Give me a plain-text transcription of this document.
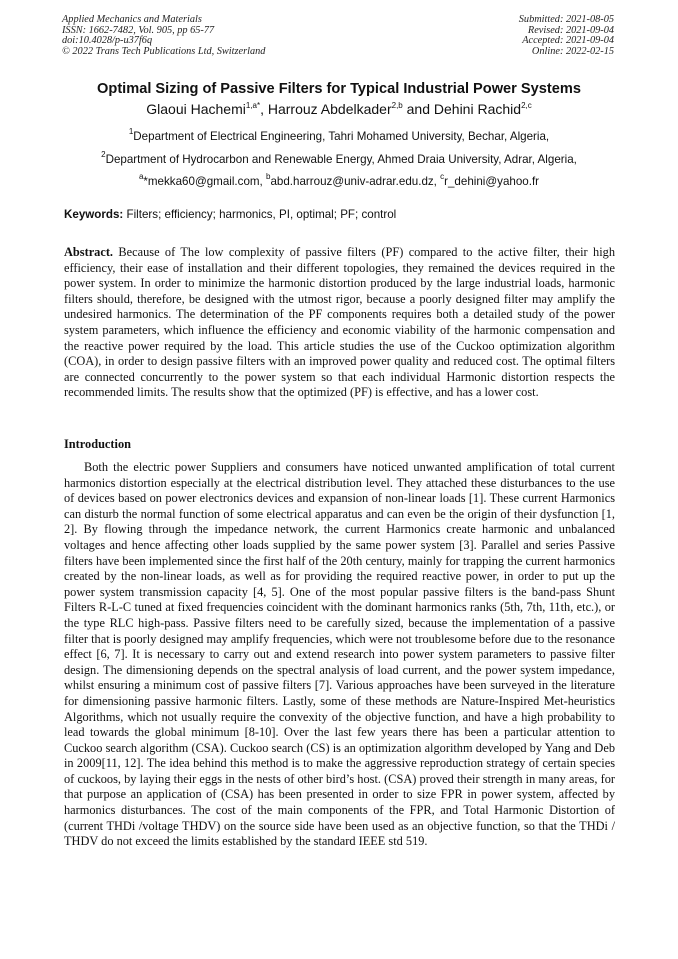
Applied Mechanics and Materials
ISSN: 1662-7482, Vol. 905, pp 65-77
doi:10.4028/p-u37f6q
© 2022 Trans Tech Publications Ltd, Switzerland
Submitted: 2021-08-05
Revised: 2021-09-04
Accepted: 2021-09-04
Online: 2022-02-15
Optimal Sizing of Passive Filters for Typical Industrial Power Systems
Glaoui Hachemi$^{1,a*}$, Harrouz Abdelkader$^{2,b}$ and Dehini Rachid$^{2,c}$
$^1$Department of Electrical Engineering, Tahri Mohamed University, Bechar, Algeria,
$^2$Department of Hydrocarbon and Renewable Energy, Ahmed Draia University, Adrar, Algeria,
$^a$*mekka60@gmail.com, $^b$abd.harrouz@univ-adrar.edu.dz, $^c$r_dehini@yahoo.fr
Keywords: Filters; efficiency; harmonics, PI, optimal; PF; control
Abstract. Because of The low complexity of passive filters (PF) compared to the active filter, their high efficiency, their ease of installation and their different topologies, they remained the devices required in the power system. In order to minimize the harmonic distortion produced by the large industrial loads, harmonic filters should, therefore, be designed with the utmost rigor, because a poorly designed filter may amplify the undesired harmonics. The determination of the PF components requires both a detailed study of the power system parameters, which influence the efficiency and economic viability of the harmonic compensation and the reactive power required by the load. This article studies the use of the Cuckoo optimization algorithm (COA), in order to design passive filters with an improved power quality and reduced cost. The optimal filters are connected concurrently to the power system so that each individual Harmonic distortion respects the recommended limits. The results show that the optimized (PF) is effective, and has a lower cost.
Introduction
Both the electric power Suppliers and consumers have noticed unwanted amplification of total current harmonics distortion especially at the electrical distribution level. They attached these disturbances to the use of devices based on power electronics devices and expansion of non-linear loads [1]. These current Harmonics can disturb the normal function of some electrical apparatus and can even be the origin of their dysfunction [1, 2]. By flowing through the impedance network, the current Harmonics create harmonic and unbalanced voltages and hence affecting other loads supplied by the same power system [3]. Parallel and series Passive filters have been implemented since the first half of the 20th century, mainly for trapping the current harmonics created by the non-linear loads, as well as for providing the required reactive power, in order to put up the power system transmission capacity [4, 5]. One of the most popular passive filters is the band-pass Shunt Filters R-L-C tuned at fixed frequencies coincident with the dominant harmonics ranks (5th, 7th, 11th, etc.), or the type RLC high-pass. Passive filters need to be carefully sized, because the implementation of a passive filter that is poorly designed may amplify frequencies, which were not troublesome before due to the resonance effect [6, 7]. It is necessary to carry out and extend research into power system parameters to passive filter design. The dimensioning depends on the spectral analysis of load current, and the power system impedance, whilst ensuring a minimum cost of passive filters [7]. Various approaches have been surveyed in the literature for dimensioning passive harmonic filters. Lastly, some of these methods are Nature-Inspired Met-heuristics Algorithms, which not usually require the convexity of the objective function, and have a high probability to lead towards the global minimum [8-10]. Over the last few years there has been a particular attention to Cuckoo search algorithm (CSA). Cuckoo search (CS) is an optimization algorithm developed by Yang and Deb in 2009[11, 12]. The idea behind this method is to make the aggressive reproduction strategy of certain species of cuckoos, by laying their eggs in the nests of other bird’s host. (CSA) proved their strength in many areas, for that purpose an application of (CSA) has been presented in order to size FPR in power system, affected by harmonics disturbances. The cost of the main components of the FPR, and Total Harmonic Distortion of (current THDi /voltage THDV) on the source side have been used as an objective function, so that the THDi / THDV do not exceed the limits established by the standard IEEE std 519.
